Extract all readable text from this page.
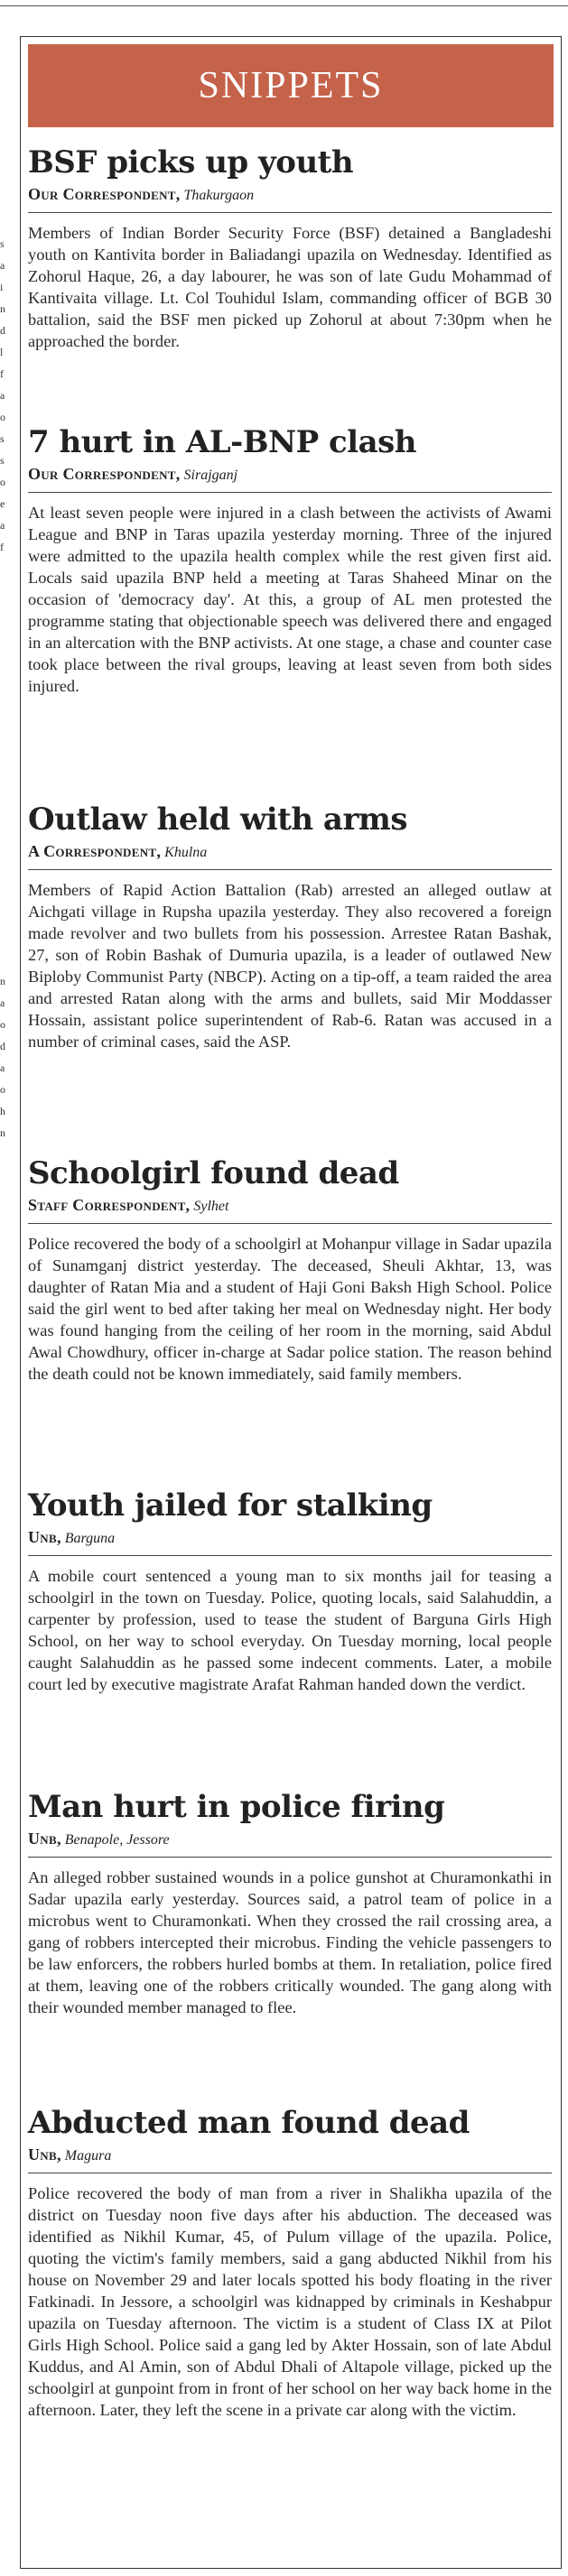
s
a
i
n
d
l
f
a
o
s
s
o
e
a
f
n
a
o
d
a
o
h
n
SNIPPETS
BSF picks up youth
Our Correspondent, Thakurgaon

Members of Indian Border Security Force (BSF) detained a Bangladeshi youth on Kantivita border in Baliadangi upazila on Wednesday. Identified as Zohorul Haque, 26, a day labourer, he was son of late Gudu Mohammad of Kantivaita village. Lt. Col Touhidul Islam, commanding officer of BGB 30 battalion, said the BSF men picked up Zohorul at about 7:30pm when he approached the border.

7 hurt in AL-BNP clash
Our Correspondent, Sirajganj

At least seven people were injured in a clash between the activists of Awami League and BNP in Taras upazila yesterday morning. Three of the injured were admitted to the upazila health complex while the rest given first aid. Locals said upazila BNP held a meeting at Taras Shaheed Minar on the occasion of 'democracy day'. At this, a group of AL men protested the programme stating that objectionable speech was delivered there and engaged in an altercation with the BNP activists. At one stage, a chase and counter case took place between the rival groups, leaving at least seven from both sides injured.

Outlaw held with arms
A Correspondent, Khulna

Members of Rapid Action Battalion (Rab) arrested an alleged outlaw at Aichgati village in Rupsha upazila yesterday. They also recovered a foreign made revolver and two bullets from his possession. Arrestee Ratan Bashak, 27, son of Robin Bashak of Dumuria upazila, is a leader of outlawed New Biploby Communist Party (NBCP). Acting on a tip-off, a team raided the area and arrested Ratan along with the arms and bullets, said Mir Moddasser Hossain, assistant police superintendent of Rab-6. Ratan was accused in a number of criminal cases, said the ASP.

Schoolgirl found dead
Staff Correspondent, Sylhet

Police recovered the body of a schoolgirl at Mohanpur village in Sadar upazila of Sunamganj district yesterday. The deceased, Sheuli Akhtar, 13, was daughter of Ratan Mia and a student of Haji Goni Baksh High School. Police said the girl went to bed after taking her meal on Wednesday night. Her body was found hanging from the ceiling of her room in the morning, said Abdul Awal Chowdhury, officer in-charge at Sadar police station. The reason behind the death could not be known immediately, said family members.

Youth jailed for stalking
Unb, Barguna

A mobile court sentenced a young man to six months jail for teasing a schoolgirl in the town on Tuesday. Police, quoting locals, said Salahuddin, a carpenter by profession, used to tease the student of Barguna Girls High School, on her way to school everyday. On Tuesday morning, local people caught Salahuddin as he passed some indecent comments. Later, a mobile court led by executive magistrate Arafat Rahman handed down the verdict.

Man hurt in police firing
Unb, Benapole, Jessore

An alleged robber sustained wounds in a police gunshot at Churamonkathi in Sadar upazila early yesterday. Sources said, a patrol team of police in a microbus went to Churamonkati. When they crossed the rail crossing area, a gang of robbers intercepted their microbus. Finding the vehicle passengers to be law enforcers, the robbers hurled bombs at them. In retaliation, police fired at them, leaving one of the robbers critically wounded. The gang along with their wounded member managed to flee.

Abducted man found dead
Unb, Magura

Police recovered the body of man from a river in Shalikha upazila of the district on Tuesday noon five days after his abduction. The deceased was identified as Nikhil Kumar, 45, of Pulum village of the upazila. Police, quoting the victim's family members, said a gang abducted Nikhil from his house on November 29 and later locals spotted his body floating in the river Fatkinadi. In Jessore, a schoolgirl was kidnapped by criminals in Keshabpur upazila on Tuesday afternoon. The victim is a student of Class IX at Pilot Girls High School. Police said a gang led by Akter Hossain, son of late Abdul Kuddus, and Al Amin, son of Abdul Dhali of Altapole village, picked up the schoolgirl at gunpoint from in front of her school on her way back home in the afternoon. Later, they left the scene in a private car along with the victim.
